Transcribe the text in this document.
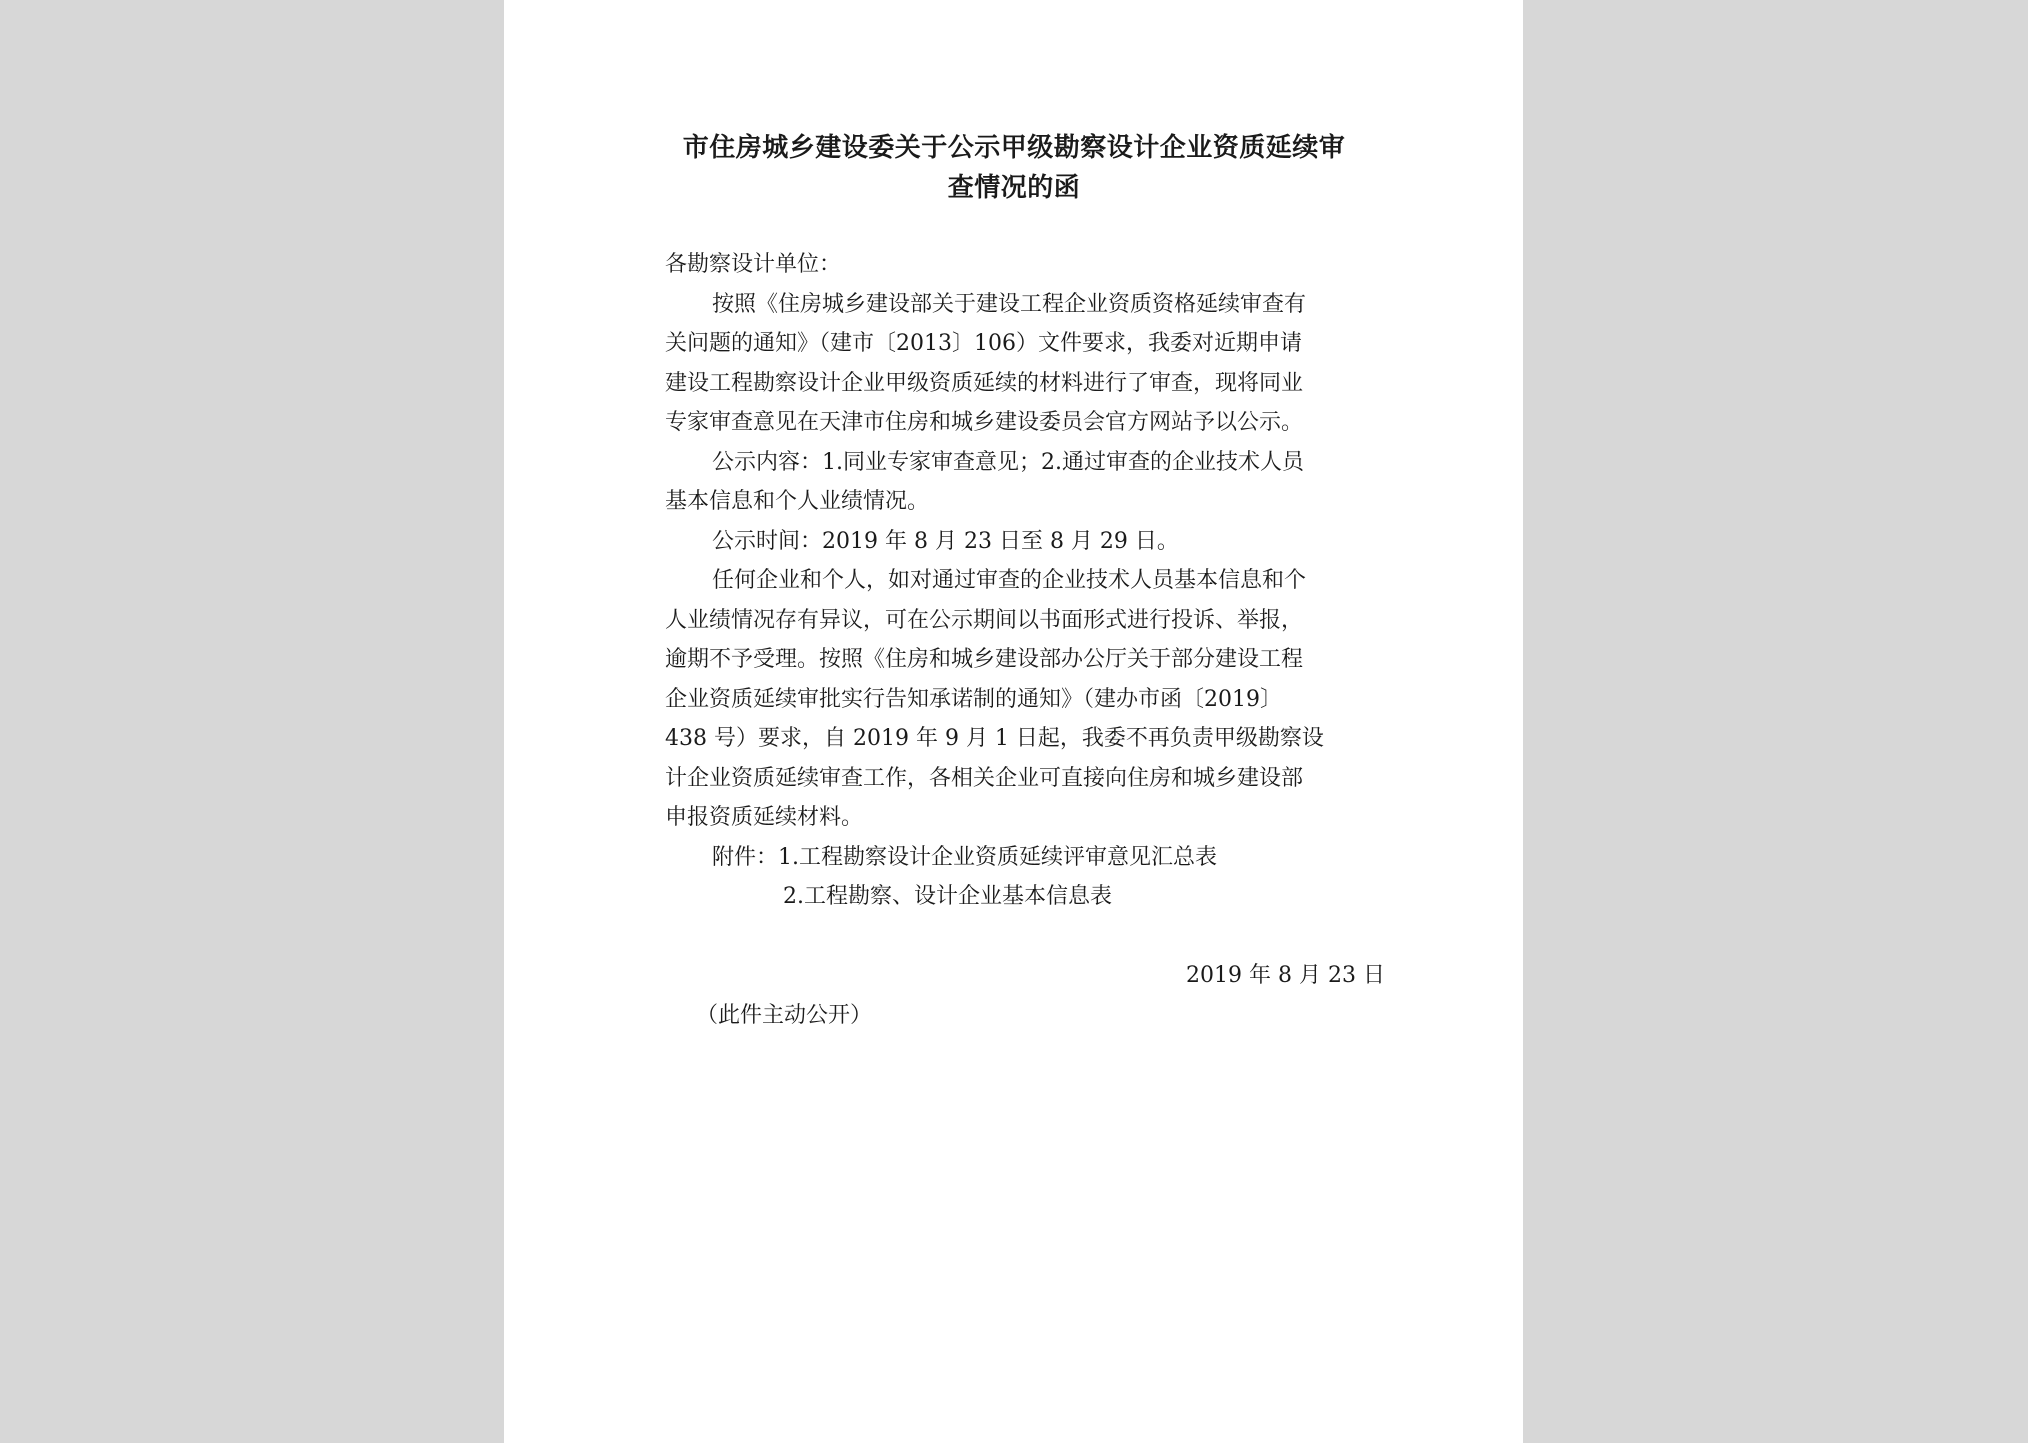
市住房城乡建设委关于公示甲级勘察设计企业资质延续审
查情况的函
各勘察设计单位：
按照《住房城乡建设部关于建设工程企业资质资格延续审查有
关问题的通知》（建市〔2013〕106）文件要求，我委对近期申请
建设工程勘察设计企业甲级资质延续的材料进行了审查，现将同业
专家审查意见在天津市住房和城乡建设委员会官方网站予以公示。
公示内容：1.同业专家审查意见；2.通过审查的企业技术人员
基本信息和个人业绩情况。
公示时间：2019 年 8 月 23 日至 8 月 29 日。
任何企业和个人，如对通过审查的企业技术人员基本信息和个
人业绩情况存有异议，可在公示期间以书面形式进行投诉、举报，
逾期不予受理。按照《住房和城乡建设部办公厅关于部分建设工程
企业资质延续审批实行告知承诺制的通知》（建办市函〔2019〕
438 号）要求，自 2019 年 9 月 1 日起，我委不再负责甲级勘察设
计企业资质延续审查工作，各相关企业可直接向住房和城乡建设部
申报资质延续材料。
附件：1.工程勘察设计企业资质延续评审意见汇总表
2.工程勘察、设计企业基本信息表
2019 年 8 月 23 日
（此件主动公开）
